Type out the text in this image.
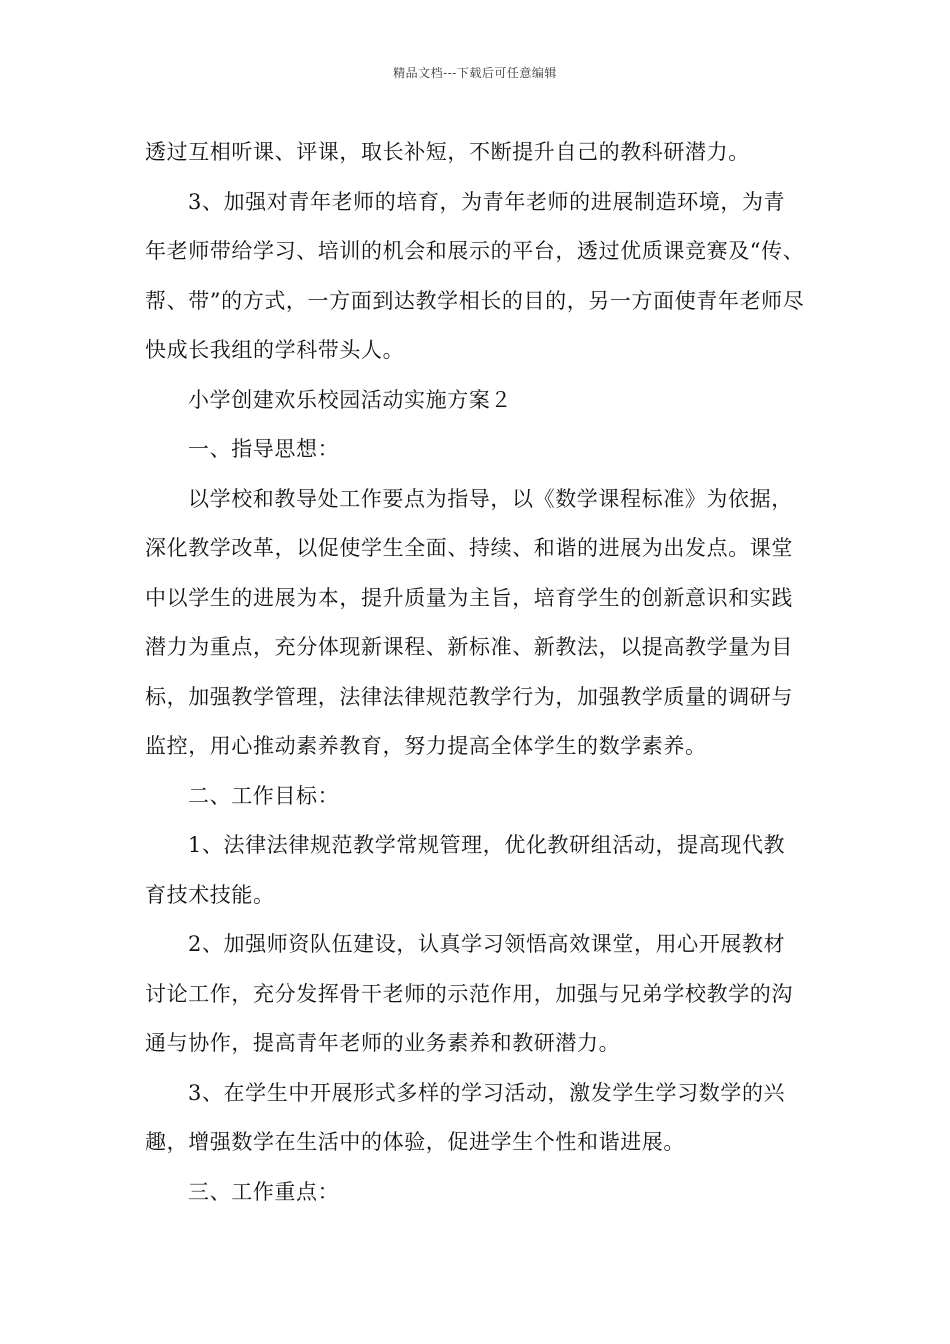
精品文档---下载后可任意编辑

透过互相听课、评课，取长补短，不断提升自己的教科研潜力。

3、加强对青年老师的培育，为青年老师的进展制造环境，为青年老师带给学习、培训的机会和展示的平台，透过优质课竞赛及“传、帮、带”的方式，一方面到达教学相长的目的，另一方面使青年老师尽快成长我组的学科带头人。

小学创建欢乐校园活动实施方案２

一、指导思想：

以学校和教导处工作要点为指导，以《数学课程标准》为依据，深化教学改革，以促使学生全面、持续、和谐的进展为出发点。课堂中以学生的进展为本，提升质量为主旨，培育学生的创新意识和实践潜力为重点，充分体现新课程、新标准、新教法，以提高教学量为目标，加强教学管理，法律法律规范教学行为，加强教学质量的调研与监控，用心推动素养教育，努力提高全体学生的数学素养。

二、工作目标：

1、法律法律规范教学常规管理，优化教研组活动，提高现代教育技术技能。

2、加强师资队伍建设，认真学习领悟高效课堂，用心开展教材讨论工作，充分发挥骨干老师的示范作用，加强与兄弟学校教学的沟通与协作，提高青年老师的业务素养和教研潜力。

3、在学生中开展形式多样的学习活动，激发学生学习数学的兴趣，增强数学在生活中的体验，促进学生个性和谐进展。

三、工作重点：
